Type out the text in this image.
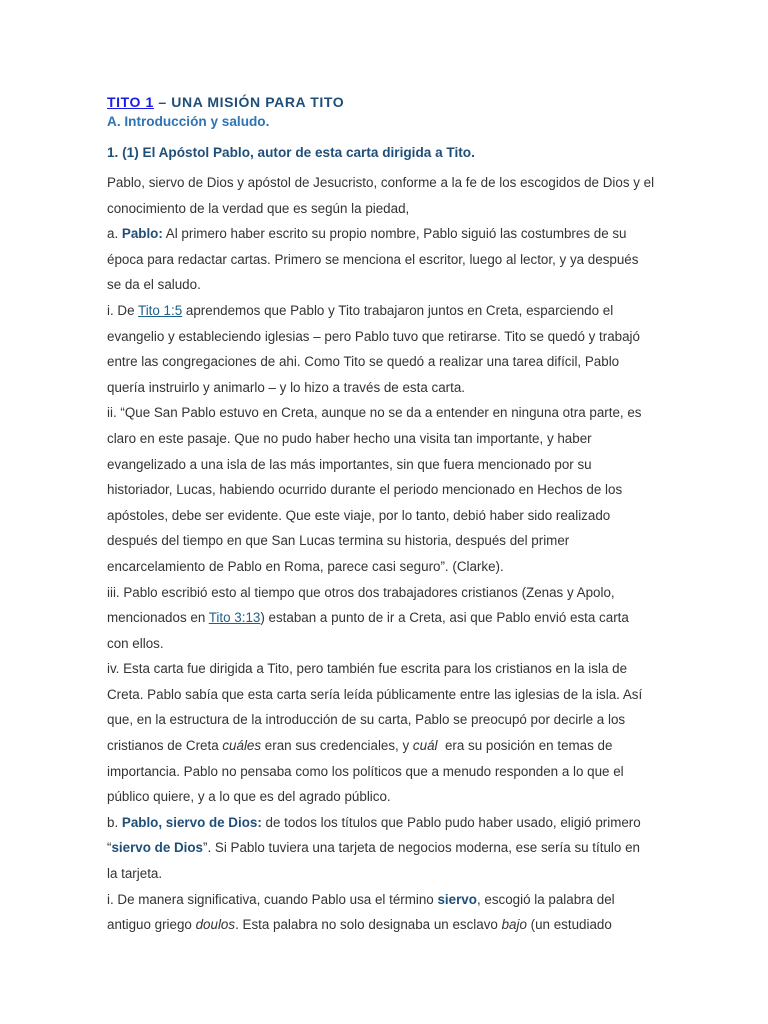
TITO 1 – UNA MISIÓN PARA TITO
A. Introducción y saludo.
1. (1) El Apóstol Pablo, autor de esta carta dirigida a Tito.

Pablo, siervo de Dios y apóstol de Jesucristo, conforme a la fe de los escogidos de Dios y el

conocimiento de la verdad que es según la piedad,

a. Pablo: Al primero haber escrito su propio nombre, Pablo siguió las costumbres de su

época para redactar cartas. Primero se menciona el escritor, luego al lector, y ya después

se da el saludo.

i. De Tito 1:5 aprendemos que Pablo y Tito trabajaron juntos en Creta, esparciendo el

evangelio y estableciendo iglesias – pero Pablo tuvo que retirarse. Tito se quedó y trabajó

entre las congregaciones de ahi. Como Tito se quedó a realizar una tarea difícil, Pablo

quería instruirlo y animarlo – y lo hizo a través de esta carta.

ii. “Que San Pablo estuvo en Creta, aunque no se da a entender en ninguna otra parte, es

claro en este pasaje. Que no pudo haber hecho una visita tan importante, y haber

evangelizado a una isla de las más importantes, sin que fuera mencionado por su

historiador, Lucas, habiendo ocurrido durante el periodo mencionado en Hechos de los

apóstoles, debe ser evidente. Que este viaje, por lo tanto, debió haber sido realizado

después del tiempo en que San Lucas termina su historia, después del primer

encarcelamiento de Pablo en Roma, parece casi seguro”. (Clarke).

iii. Pablo escribió esto al tiempo que otros dos trabajadores cristianos (Zenas y Apolo,

mencionados en Tito 3:13) estaban a punto de ir a Creta, asi que Pablo envió esta carta

con ellos.

iv. Esta carta fue dirigida a Tito, pero también fue escrita para los cristianos en la isla de

Creta. Pablo sabía que esta carta sería leída públicamente entre las iglesias de la isla. Así

que, en la estructura de la introducción de su carta, Pablo se preocupó por decirle a los

cristianos de Creta cuáles eran sus credenciales, y cuál  era su posición en temas de

importancia. Pablo no pensaba como los políticos que a menudo responden a lo que el

público quiere, y a lo que es del agrado público.

b. Pablo, siervo de Dios: de todos los títulos que Pablo pudo haber usado, eligió primero

“siervo de Dios”. Si Pablo tuviera una tarjeta de negocios moderna, ese sería su título en

la tarjeta.

i. De manera significativa, cuando Pablo usa el término siervo, escogió la palabra del

antiguo griego doulos. Esta palabra no solo designaba un esclavo bajo (un estudiado
